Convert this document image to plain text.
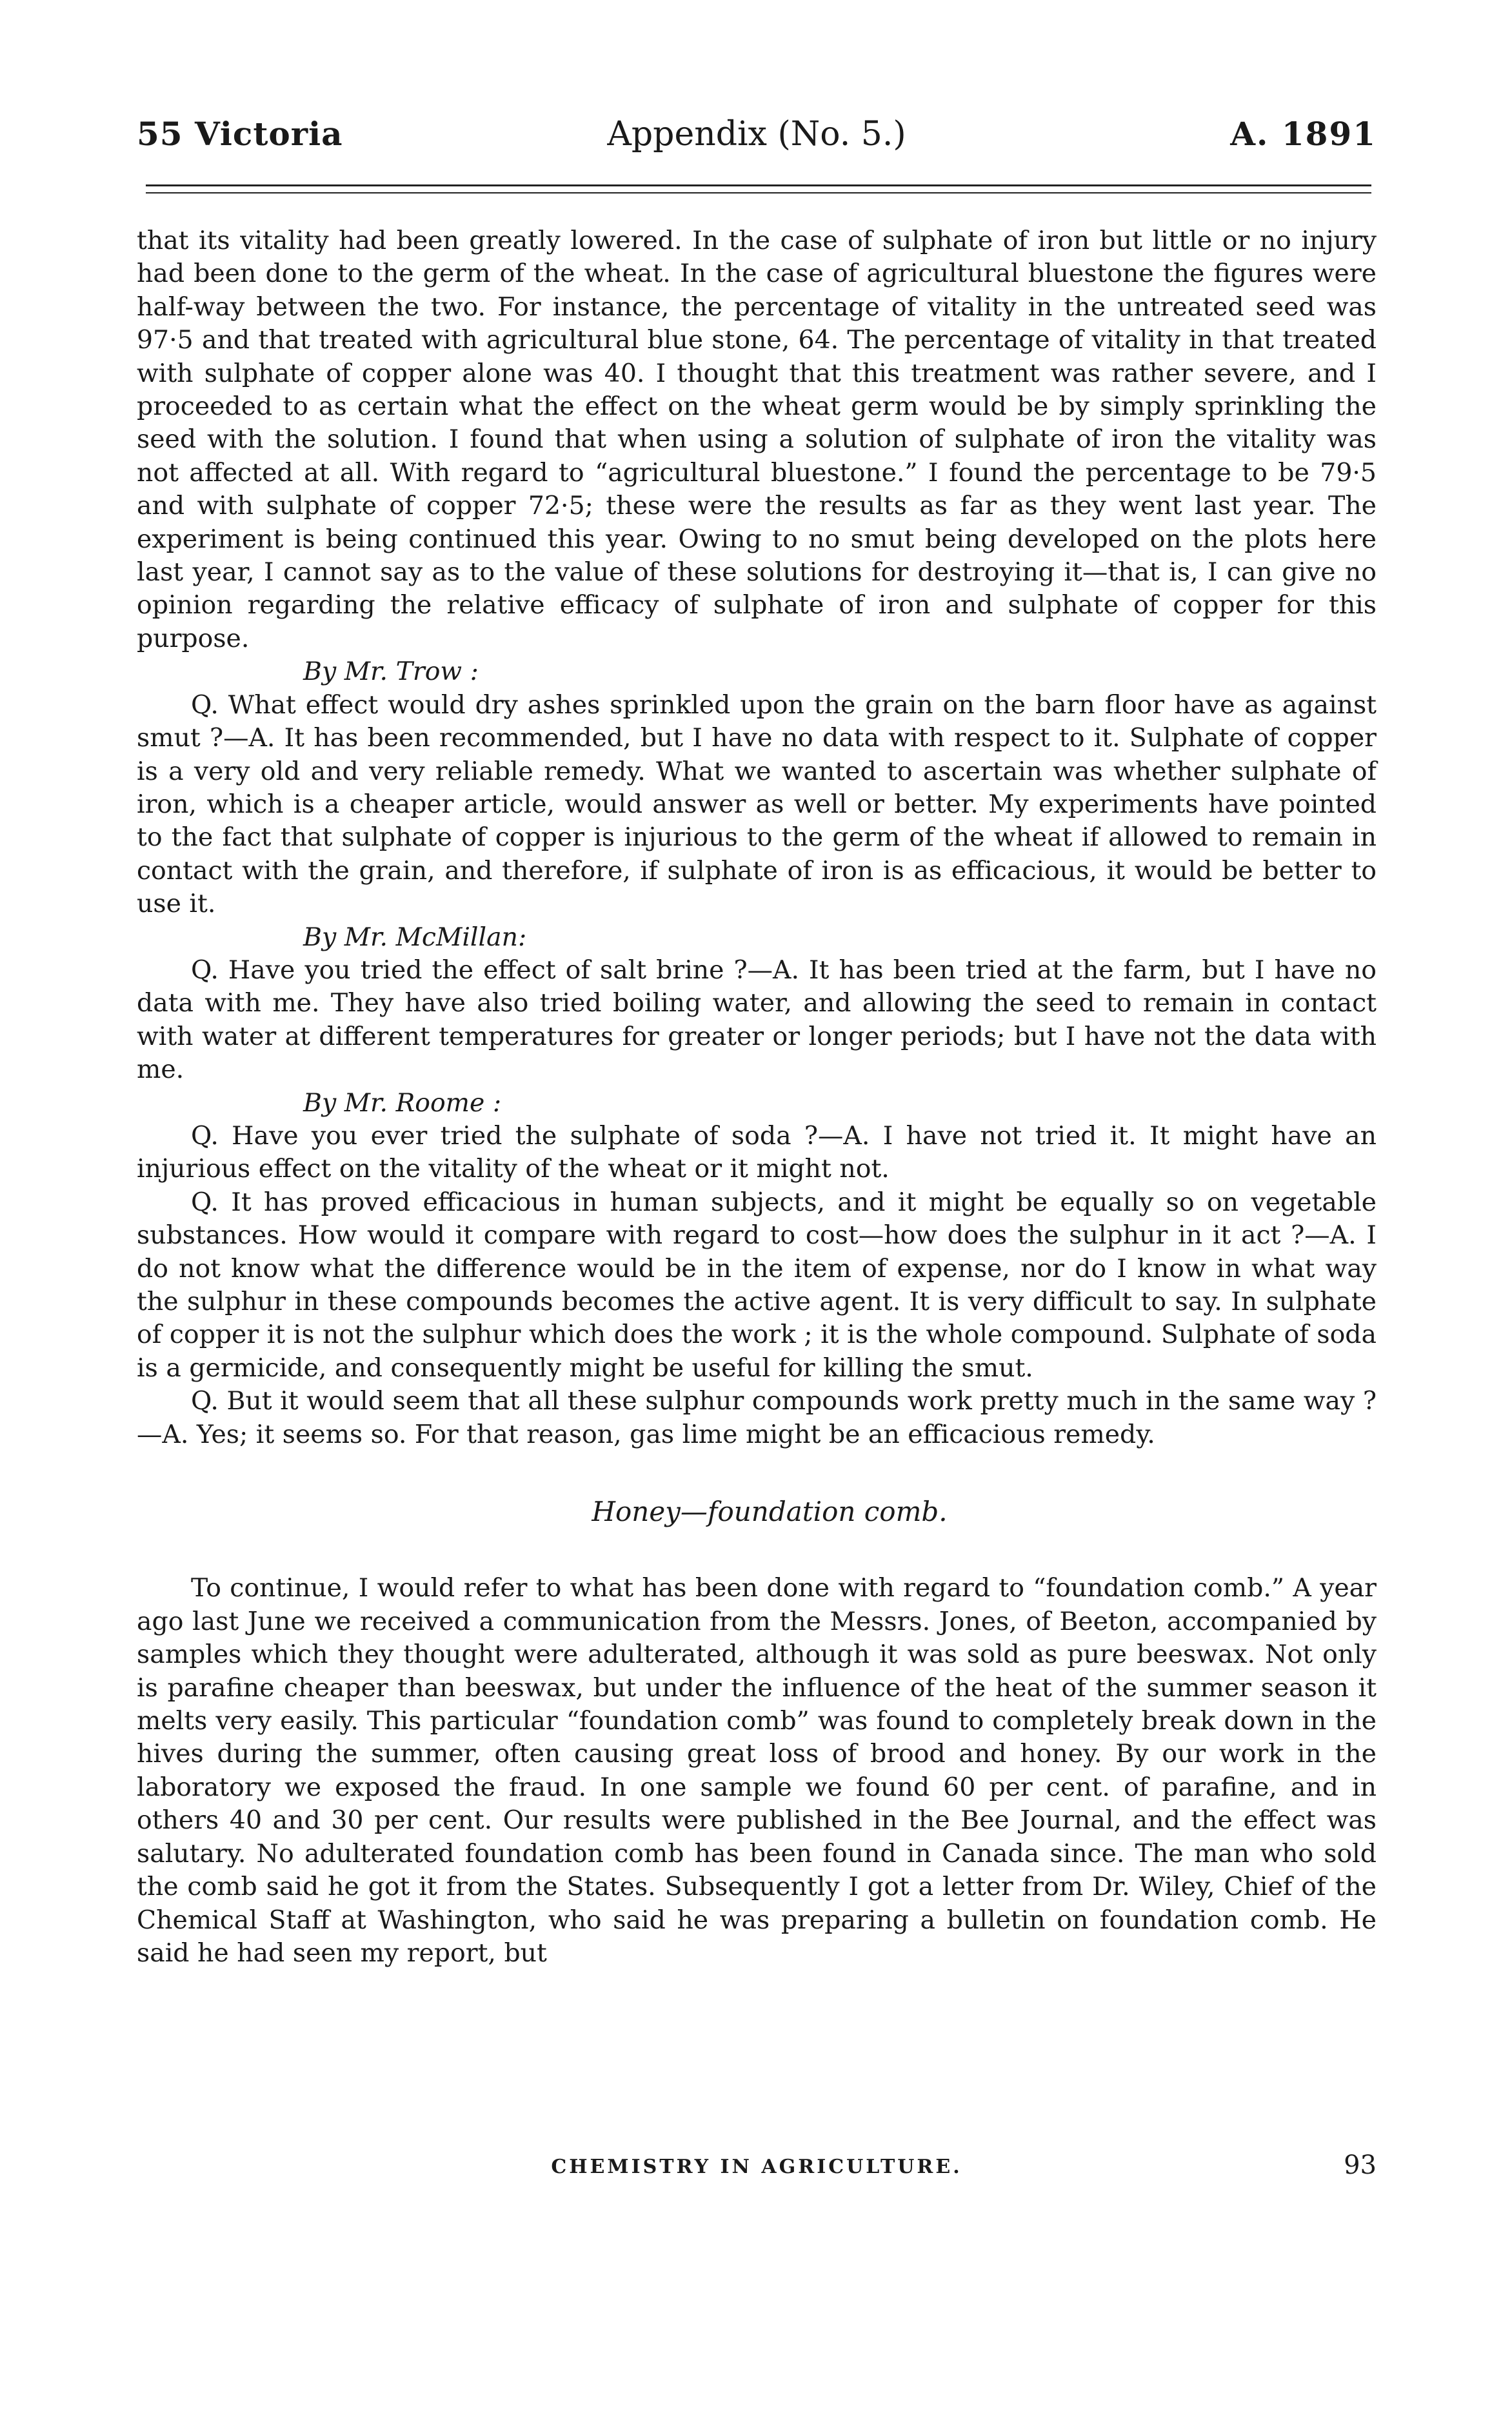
55 Victoria	Appendix (No. 5.)	A. 1891

that its vitality had been greatly lowered. In the case of sulphate of iron but little or no injury had been done to the germ of the wheat. In the case of agricultural bluestone the figures were half-way between the two. For instance, the percentage of vitality in the untreated seed was 97·5 and that treated with agricultural blue stone, 64. The percentage of vitality in that treated with sulphate of copper alone was 40. I thought that this treatment was rather severe, and I proceeded to as certain what the effect on the wheat germ would be by simply sprinkling the seed with the solution. I found that when using a solution of sulphate of iron the vitality was not affected at all. With regard to “agricultural bluestone.” I found the percentage to be 79·5 and with sulphate of copper 72·5; these were the results as far as they went last year. The experiment is being continued this year. Owing to no smut being developed on the plots here last year, I cannot say as to the value of these solutions for destroying it—that is, I can give no opinion regarding the relative efficacy of sulphate of iron and sulphate of copper for this purpose.

By Mr. Trow :

Q. What effect would dry ashes sprinkled upon the grain on the barn floor have as against smut ?—A. It has been recommended, but I have no data with respect to it. Sulphate of copper is a very old and very reliable remedy. What we wanted to ascertain was whether sulphate of iron, which is a cheaper article, would answer as well or better. My experiments have pointed to the fact that sulphate of copper is injurious to the germ of the wheat if allowed to remain in contact with the grain, and therefore, if sulphate of iron is as efficacious, it would be better to use it.

By Mr. McMillan:

Q. Have you tried the effect of salt brine ?—A. It has been tried at the farm, but I have no data with me. They have also tried boiling water, and allowing the seed to remain in contact with water at different temperatures for greater or longer periods; but I have not the data with me.

By Mr. Roome :

Q. Have you ever tried the sulphate of soda ?—A. I have not tried it. It might have an injurious effect on the vitality of the wheat or it might not.

Q. It has proved efficacious in human subjects, and it might be equally so on vegetable substances. How would it compare with regard to cost—how does the sulphur in it act ?—A. I do not know what the difference would be in the item of expense, nor do I know in what way the sulphur in these compounds becomes the active agent. It is very difficult to say. In sulphate of copper it is not the sulphur which does the work ; it is the whole compound. Sulphate of soda is a germicide, and consequently might be useful for killing the smut.

Q. But it would seem that all these sulphur compounds work pretty much in the same way ?—A. Yes; it seems so. For that reason, gas lime might be an efficacious remedy.

Honey—foundation comb.

To continue, I would refer to what has been done with regard to “foundation comb.” A year ago last June we received a communication from the Messrs. Jones, of Beeton, accompanied by samples which they thought were adulterated, although it was sold as pure beeswax. Not only is parafine cheaper than beeswax, but under the influence of the heat of the summer season it melts very easily. This particular “foundation comb” was found to completely break down in the hives during the summer, often causing great loss of brood and honey. By our work in the laboratory we exposed the fraud. In one sample we found 60 per cent. of parafine, and in others 40 and 30 per cent. Our results were published in the Bee Journal, and the effect was salutary. No adulterated foundation comb has been found in Canada since. The man who sold the comb said he got it from the States. Subsequently I got a letter from Dr. Wiley, Chief of the Chemical Staff at Washington, who said he was preparing a bulletin on foundation comb. He said he had seen my report, but

CHEMISTRY IN AGRICULTURE.	93
